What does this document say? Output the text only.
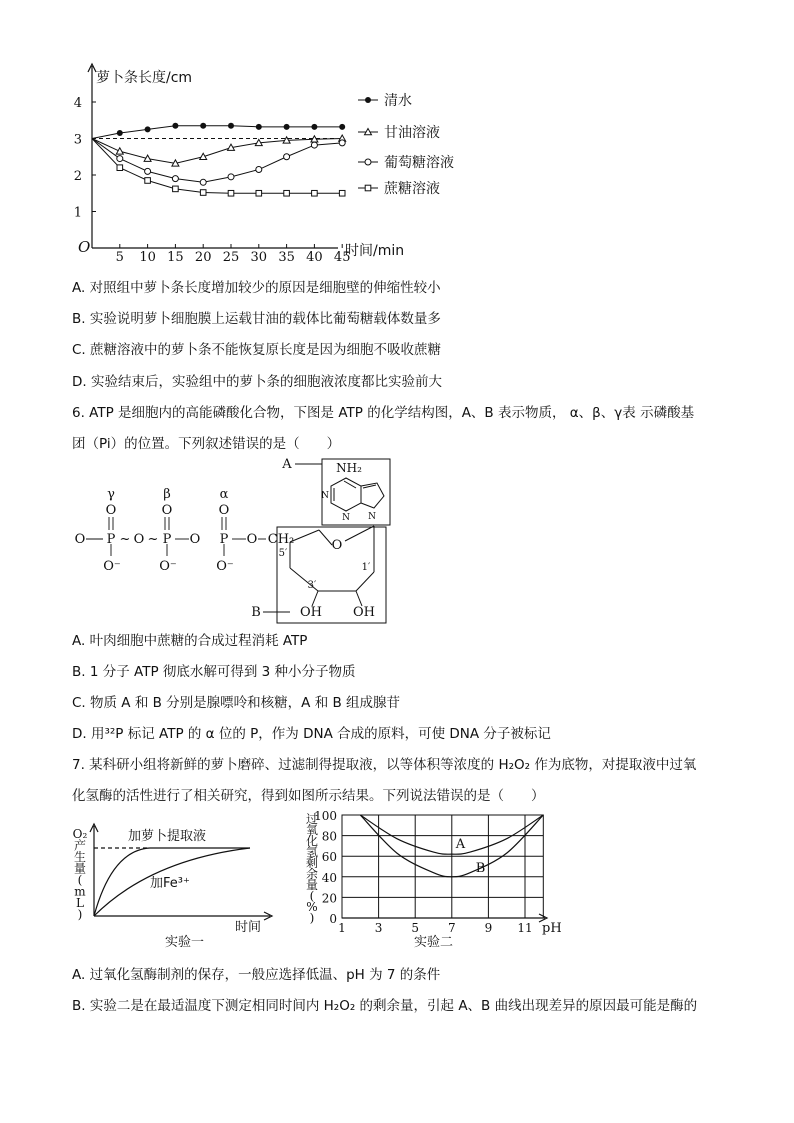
萝卜条长度/cm
O	时间/min
1
2
3
4
5 10 15 20 25 30 35 40 45
清水
甘油溶液
葡萄糖溶液
蔗糖溶液
A. 对照组中萝卜条长度增加较少的原因是细胞壁的伸缩性较小
B. 实验说明萝卜细胞膜上运载甘油的载体比葡萄糖载体数量多
C. 蔗糖溶液中的萝卜条不能恢复原长度是因为细胞不吸收蔗糖
D. 实验结束后，实验组中的萝卜条的细胞液浓度都比实验前大
6. ATP 是细胞内的高能磷酸化合物，下图是 ATP 的化学结构图，A、B 表示物质， α、β、γ表 示磷酸基
团（Pi）的位置。下列叙述错误的是（　　）
A
B
NH₂
N
N N
O
5′
3′
1′
OH OH
γ	β	α
O	O	O
O P ~ O ~ P O P O CH₂
O⁻	O⁻	O⁻
A. 叶肉细胞中蔗糖的合成过程消耗 ATP
B. 1 分子 ATP 彻底水解可得到 3 种小分子物质
C. 物质 A 和 B 分别是腺嘌呤和核糖，A 和 B 组成腺苷
D. 用³²P 标记 ATP 的 α 位的 P，作为 DNA 合成的原料，可使 DNA 分子被标记
7. 某科研小组将新鲜的萝卜磨碎、过滤制得提取液，以等体积等浓度的 H₂O₂ 作为底物，对提取液中过氧
化氢酶的活性进行了相关研究，得到如图所示结果。下列说法错误的是（　　）
O₂
产
生
量
(
m
L
)
加萝卜提取液
加Fe³⁺
时间
实验一
过
氧
化
氢
剩
余
量
(
%
) 0
20
40
60
80
100
1 3 5 7 9 11
A
B
pH
实验二
A. 过氧化氢酶制剂的保存，一般应选择低温、pH 为 7 的条件
B. 实验二是在最适温度下测定相同时间内 H₂O₂ 的剩余量，引起 A、B 曲线出现差异的原因最可能是酶的
